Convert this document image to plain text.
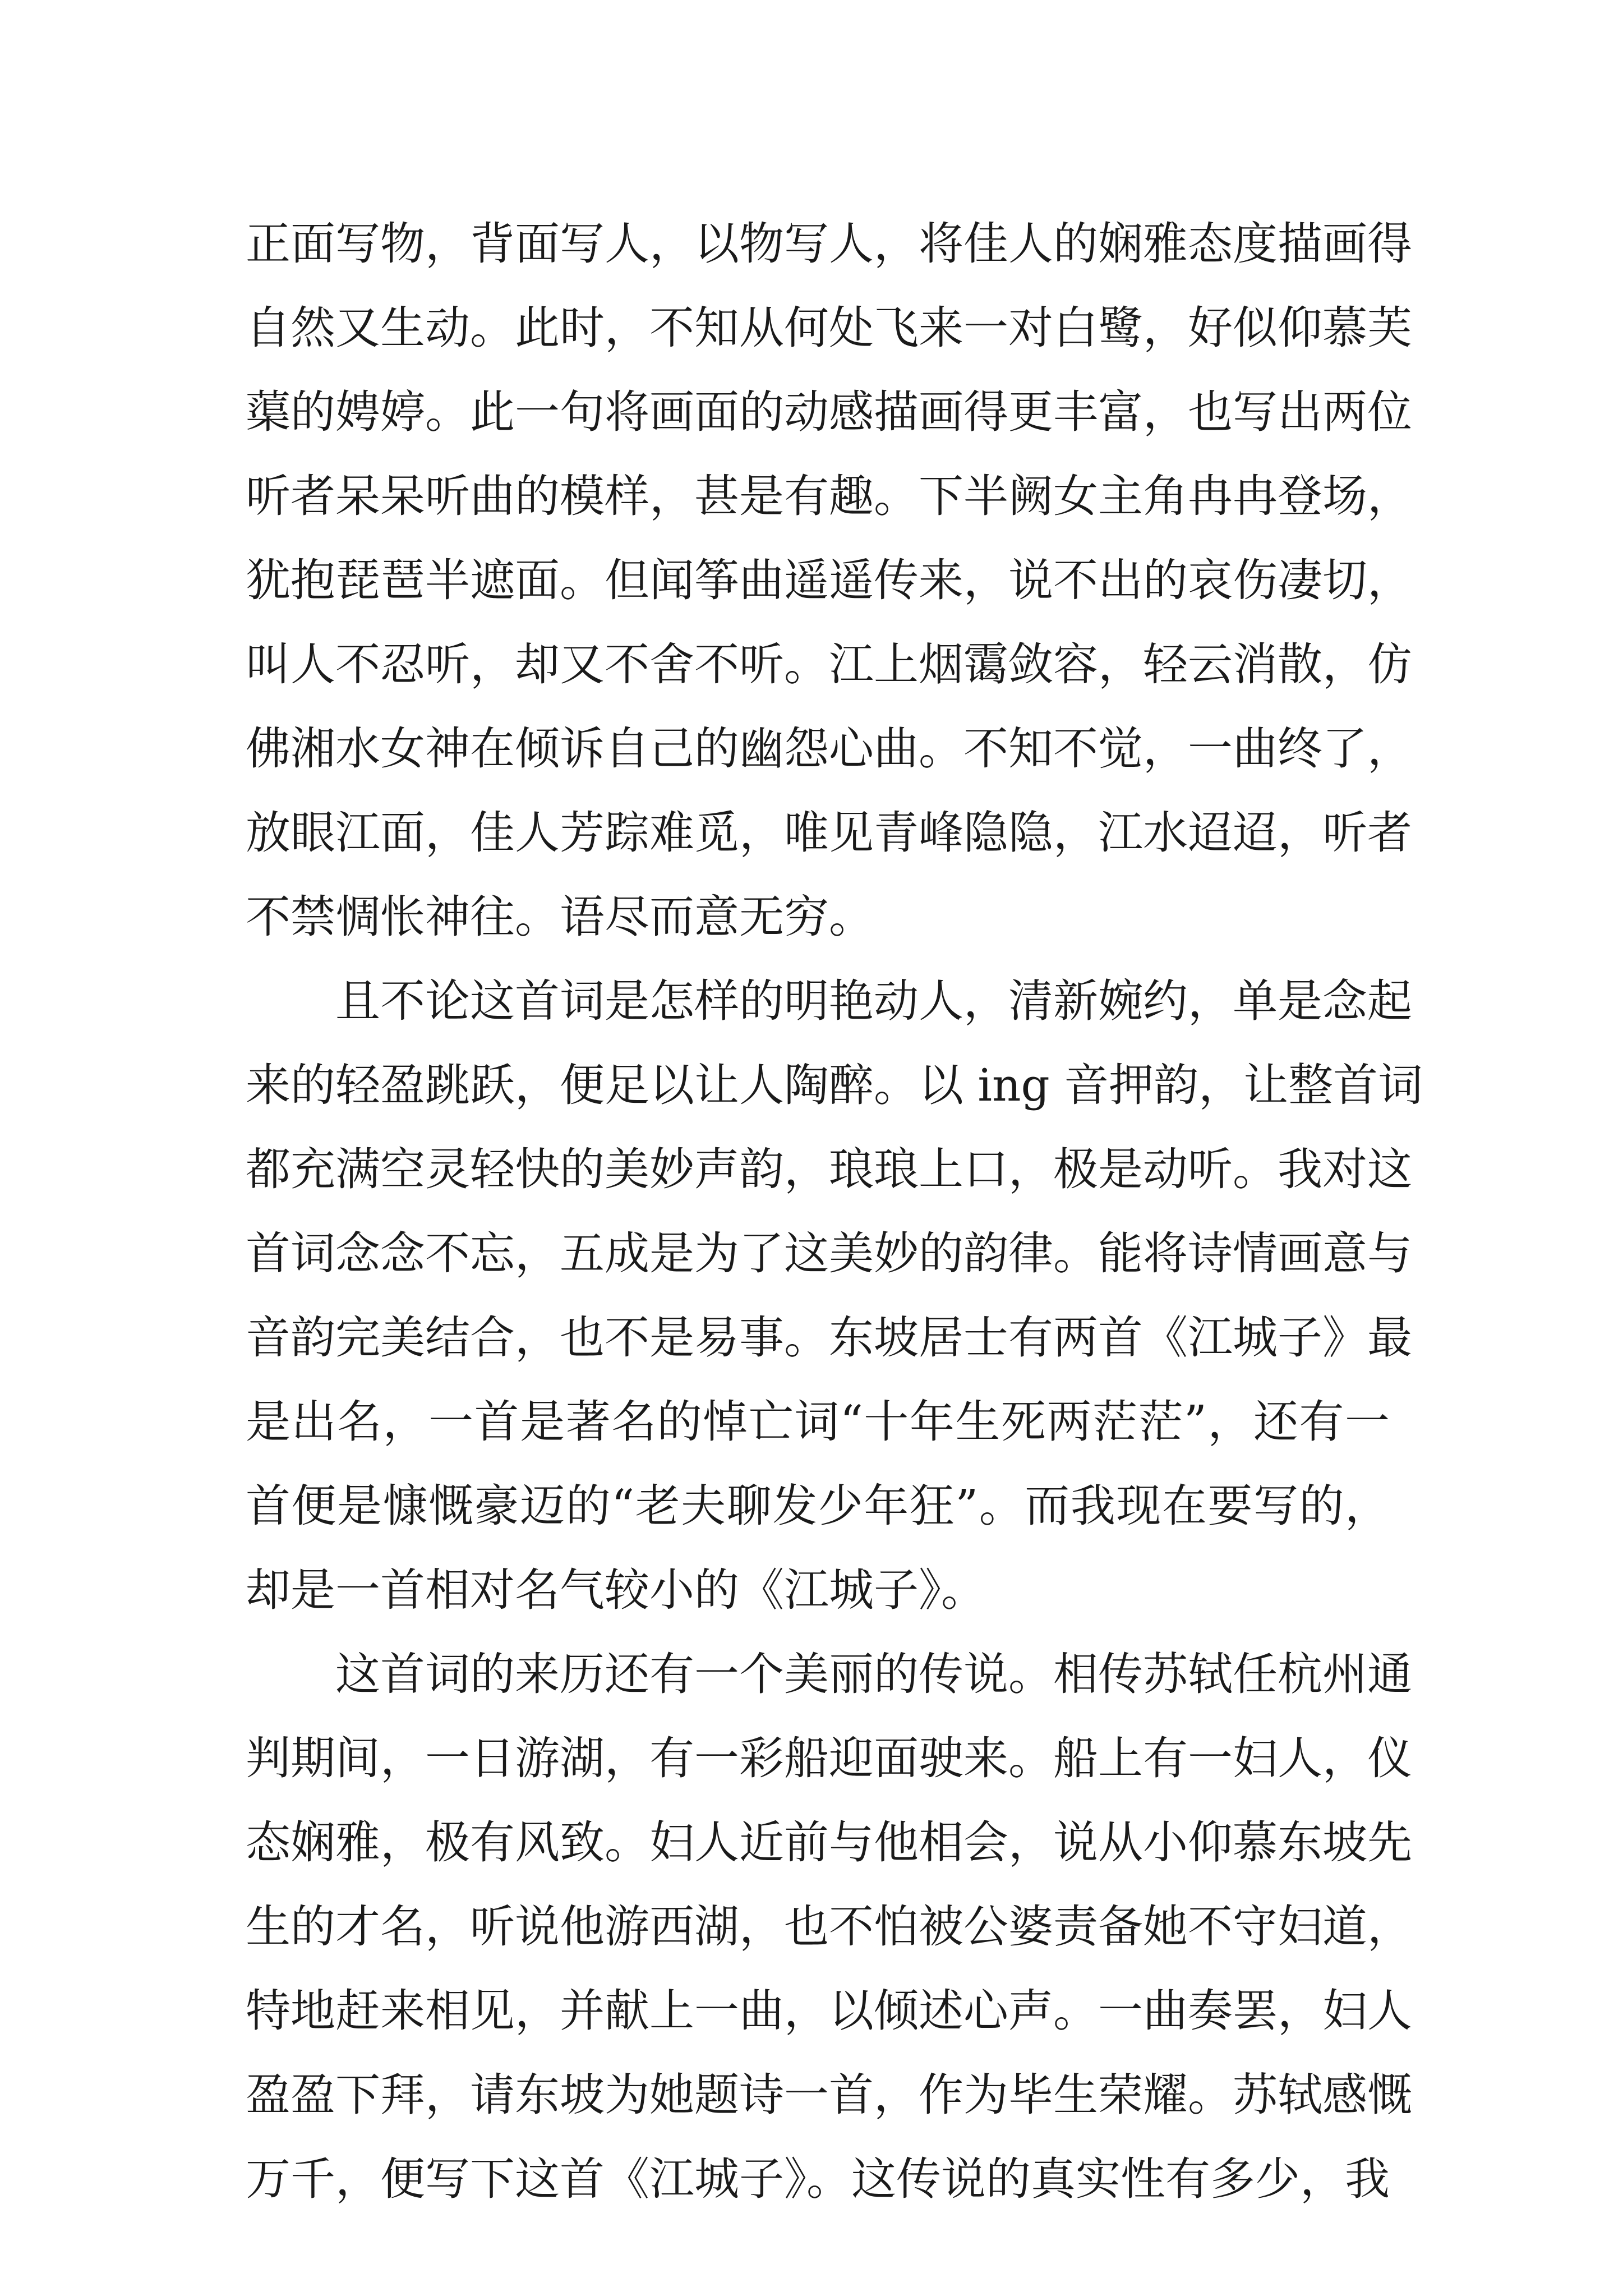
正面写物，背面写人，以物写人，将佳人的娴雅态度描画得
自然又生动。此时，不知从何处飞来一对白鹭，好似仰慕芙
蕖的娉婷。此一句将画面的动感描画得更丰富，也写出两位
听者呆呆听曲的模样，甚是有趣。下半阙女主角冉冉登场，
犹抱琵琶半遮面。但闻筝曲遥遥传来，说不出的哀伤凄切，
叫人不忍听，却又不舍不听。江上烟霭敛容，轻云消散，仿
佛湘水女神在倾诉自己的幽怨心曲。不知不觉，一曲终了，
放眼江面，佳人芳踪难觅，唯见青峰隐隐，江水迢迢，听者
不禁惆怅神往。语尽而意无穷。
且不论这首词是怎样的明艳动人，清新婉约，单是念起
来的轻盈跳跃，便足以让人陶醉。以 ing 音押韵，让整首词
都充满空灵轻快的美妙声韵，琅琅上口，极是动听。我对这
首词念念不忘，五成是为了这美妙的韵律。能将诗情画意与
音韵完美结合，也不是易事。东坡居士有两首《江城子》最
是出名，一首是著名的悼亡词“十年生死两茫茫”，还有一
首便是慷慨豪迈的“老夫聊发少年狂”。而我现在要写的，
却是一首相对名气较小的《江城子》。
这首词的来历还有一个美丽的传说。相传苏轼任杭州通
判期间，一日游湖，有一彩船迎面驶来。船上有一妇人，仪
态娴雅，极有风致。妇人近前与他相会，说从小仰慕东坡先
生的才名，听说他游西湖，也不怕被公婆责备她不守妇道，
特地赶来相见，并献上一曲，以倾述心声。一曲奏罢，妇人
盈盈下拜，请东坡为她题诗一首，作为毕生荣耀。苏轼感慨
万千，便写下这首《江城子》。这传说的真实性有多少，我
